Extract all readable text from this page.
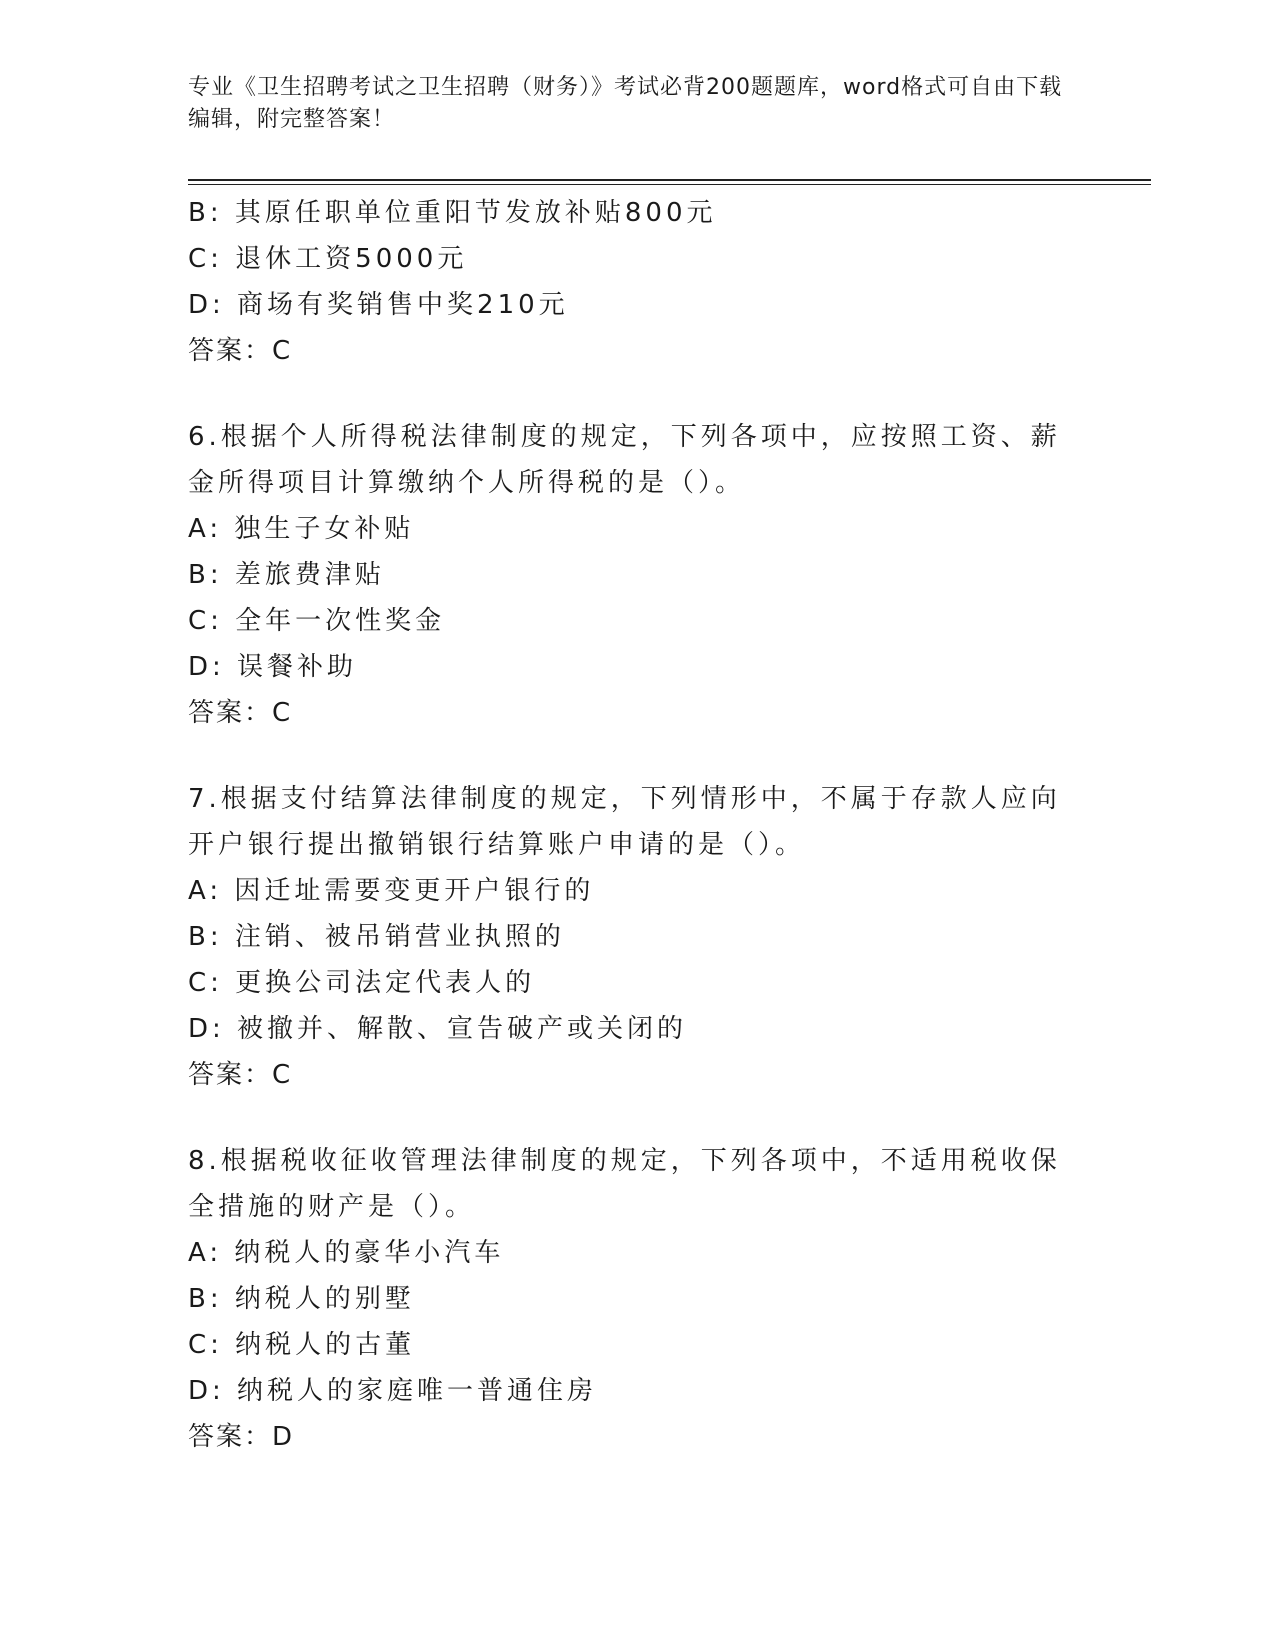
专业《卫生招聘考试之卫生招聘（财务）》考试必背200题题库，word格式可自由下载编辑，附完整答案！
B: 其原任职单位重阳节发放补贴800元
C: 退休工资5000元
D: 商场有奖销售中奖210元
答案：C
6.根据个人所得税法律制度的规定，下列各项中，应按照工资、薪金所得项目计算缴纳个人所得税的是（）。
A: 独生子女补贴
B: 差旅费津贴
C: 全年一次性奖金
D: 误餐补助
答案：C
7.根据支付结算法律制度的规定，下列情形中，不属于存款人应向开户银行提出撤销银行结算账户申请的是（）。
A: 因迁址需要变更开户银行的
B: 注销、被吊销营业执照的
C: 更换公司法定代表人的
D: 被撤并、解散、宣告破产或关闭的
答案：C
8.根据税收征收管理法律制度的规定，下列各项中，不适用税收保全措施的财产是（）。
A: 纳税人的豪华小汽车
B: 纳税人的别墅
C: 纳税人的古董
D: 纳税人的家庭唯一普通住房
答案：D
